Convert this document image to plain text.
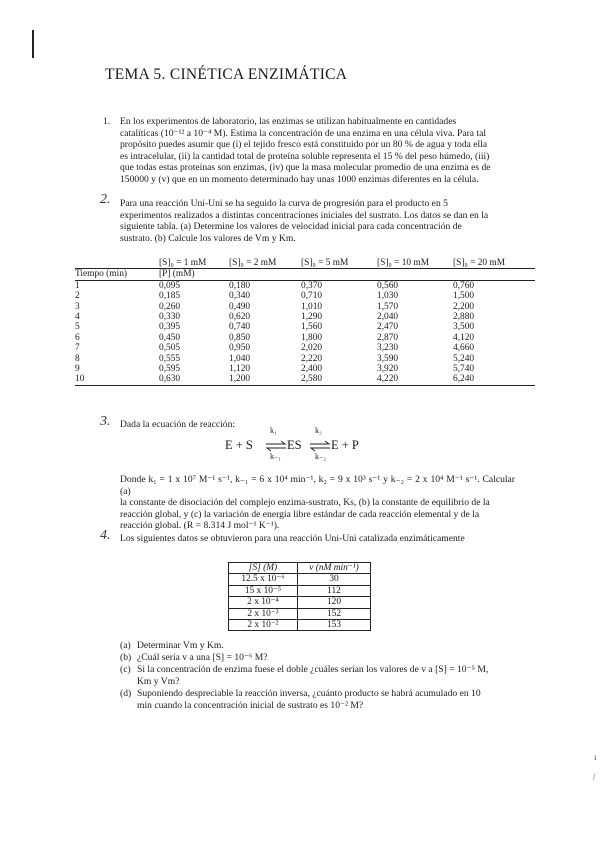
TEMA 5. CINÉTICA ENZIMÁTICA
1. En los experimentos de laboratorio, las enzimas se utilizan habitualmente en cantidades
catalíticas (10⁻¹² a 10⁻⁴ M). Estima la concentración de una enzima en una célula viva. Para tal
propósito puedes asumir que (i) el tejido fresco está constituido por un 80 % de agua y toda ella
es intracelular, (ii) la cantidad total de proteína soluble representa el 15 % del peso húmedo, (iii)
que todas estas proteínas son enzimas, (iv) que la masa molecular promedio de una enzima es de
150000 y (v) que en un momento determinado hay unas 1000 enzimas diferentes en la célula.
2. Para una reacción Uni-Uni se ha seguido la curva de progresión para el producto en 5
experimentos realizados a distintas concentraciones iniciales del sustrato. Los datos se dan en la
siguiente tabla. (a) Determine los valores de velocidad inicial para cada concentración de
sustrato. (b) Calcule los valores de Vm y Km.
	[S]₀ = 1 mM	[S]₀ = 2 mM	[S]₀ = 5 mM	[S]₀ = 10 mM	[S]₀ = 20 mM
Tiempo (min)	[P] (mM)				
1	0,095	0,180	0,370	0,560	0,760
2	0,185	0,340	0,710	1,030	1,500
3	0,260	0,490	1,010	1,570	2,200
4	0,330	0,620	1,290	2,040	2,880
5	0,395	0,740	1,560	2,470	3,500
6	0,450	0,850	1,800	2,870	4,120
7	0,505	0,950	2,020	3,230	4,660
8	0,555	1,040	2,220	3,590	5,240
9	0,595	1,120	2,400	3,920	5,740
10	0,630	1,200	2,580	4,220	6,240
3. Dada la ecuación de reacción:
E + S ⇌
k₁
k₋₁
ES ⇌
k₂
k₋₂
E + P
Donde k₁ = 1 x 10⁷ M⁻¹ s⁻¹, k₋₁ = 6 x 10⁴ min⁻¹, k₂ = 9 x 10³ s⁻¹ y k₋₂ = 2 x 10⁴ M⁻¹ s⁻¹. Calcular (a)
la constante de disociación del complejo enzima-sustrato, Ks, (b) la constante de equilibrio de la
reacción global, y (c) la variación de energía libre estándar de cada reacción elemental y de la
reacción global. (R = 8.314 J mol⁻¹ K⁻¹).
4. Los siguientes datos se obtuvieron para una reacción Uni-Uni catalizada enzimáticamente
[S] (M)	v (nM min⁻¹)
12.5 x 10⁻⁶	30
15 x 10⁻⁵	112
2 x 10⁻⁴	120
2 x 10⁻³	152
2 x 10⁻²	153
(a) Determinar Vm y Km.
(b) ¿Cuál sería v a una [S] = 10⁻⁶ M?
(c) Si la concentración de enzima fuese el doble ¿cuáles serían los valores de v a [S] = 10⁻⁵ M,
Km y Vm?
(d) Suponiendo despreciable la reacción inversa, ¿cuánto producto se habrá acumulado en 10
min cuando la concentración inicial de sustrato es 10⁻² M?
ı
/
